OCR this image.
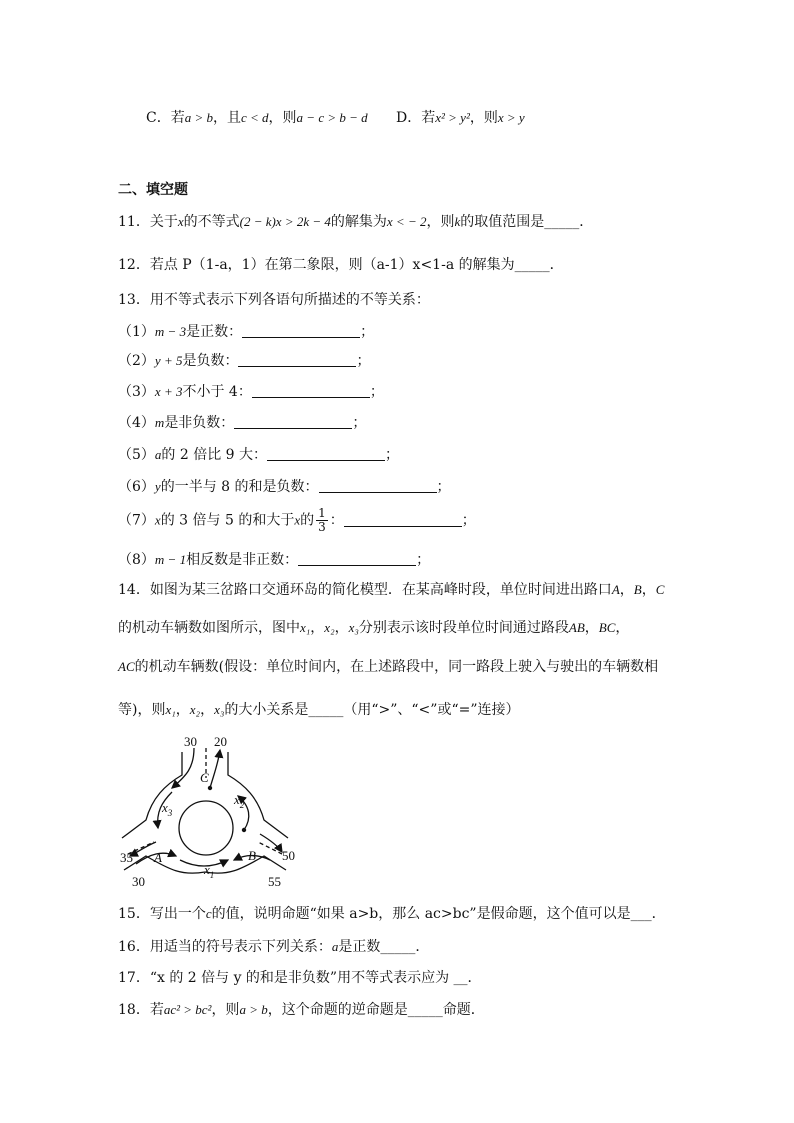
C．若a > b，且c < d，则a − c > b − d D．若x² > y²，则x > y
二、填空题
11．关于x的不等式(2 − k)x > 2k − 4的解集为x < − 2，则k的取值范围是_____．
12．若点 P（1-a，1）在第二象限，则（a-1）x<1-a 的解集为_____．
13．用不等式表示下列各语句所描述的不等关系：
（1）m − 3是正数：	；
（2）y + 5是负数：	；
（3）x + 3不小于 4：	；
（4）m是非负数：	；
（5）a的 2 倍比 9 大：	；
（6）y的一半与 8 的和是负数：	；
（7）x的 3 倍与 5 的和大于x的 $\frac{1}{3}$ ：	；
（8）m − 1相反数是非正数：	；
14．如图为某三岔路口交通环岛的简化模型．在某高峰时段，单位时间进出路口A，B，C
的机动车辆数如图所示，图中x₁，x₂，x₃分别表示该时段单位时间通过路段AB，BC，
AC的机动车辆数(假设：单位时间内，在上述路段中，同一路段上驶入与驶出的车辆数相
等)，则x₁，x₂，x₃的大小关系是_____（用“>”、“<”或“=”连接）
30 20
C
$x_3$
$x_2$
35 A	B 50
$x_1$
30	55
15．写出一个c的值，说明命题“如果 a>b，那么 ac>bc”是假命题，这个值可以是___．
16．用适当的符号表示下列关系：a是正数_____．
17．“x 的 2 倍与 y 的和是非负数”用不等式表示应为 __．
18．若ac² > bc²，则a > b，这个命题的逆命题是_____命题．
